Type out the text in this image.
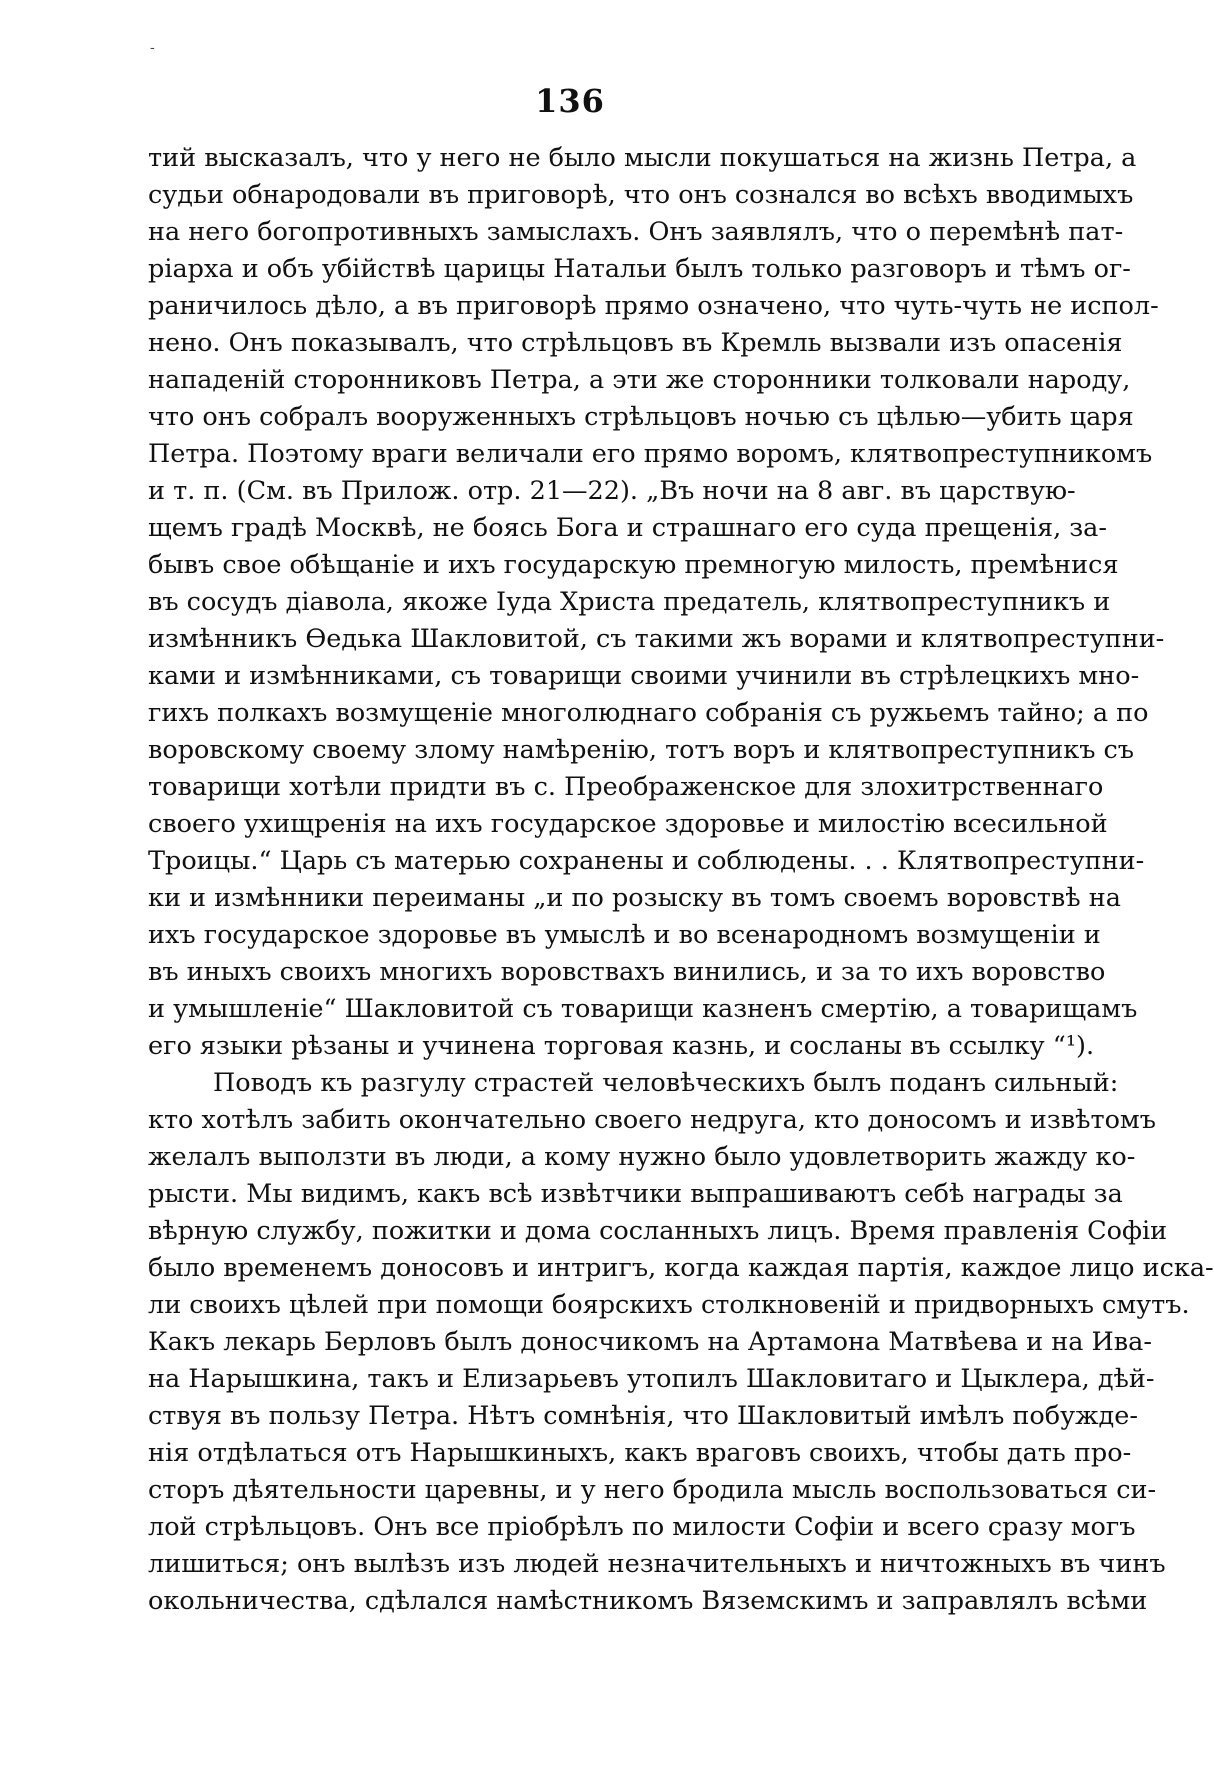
-
136
тий высказалъ, что у него не было мысли покушаться на жизнь Петра, а
судьи обнародовали въ приговорѣ, что онъ сознался во всѣхъ вводимыхъ
на него богопротивныхъ замыслахъ. Онъ заявлялъ, что о перемѣнѣ пат-
ріарха и объ убійствѣ царицы Натальи былъ только разговоръ и тѣмъ ог-
раничилось дѣло, а въ приговорѣ прямо означено, что чуть-чуть не испол-
нено. Онъ показывалъ, что стрѣльцовъ въ Кремль вызвали изъ опасенія
нападеній сторонниковъ Петра, а эти же сторонники толковали народу,
что онъ собралъ вооруженныхъ стрѣльцовъ ночью съ цѣлью—убить царя
Петра. Поэтому враги величали его прямо воромъ, клятвопреступникомъ
и т. п. (См. въ Прилож. отр. 21—22). „Въ ночи на 8 авг. въ царствую-
щемъ градѣ Москвѣ, не боясь Бога и страшнаго его суда прещенія, за-
бывъ свое обѣщаніе и ихъ государскую премногую милость, премѣнися
въ сосудъ діавола, якоже Іуда Христа предатель, клятвопреступникъ и
измѣнникъ Ѳедька Шакловитой, съ такими жъ ворами и клятвопреступни-
ками и измѣнниками, съ товарищи своими учинили въ стрѣлецкихъ мно-
гихъ полкахъ возмущеніе многолюднаго собранія съ ружьемъ тайно; а по
воровскому своему злому намѣренію, тотъ воръ и клятвопреступникъ съ
товарищи хотѣли придти въ с. Преображенское для злохитрственнаго
своего ухищренія на ихъ государское здоровье и милостію всесильной
Троицы.“ Царь съ матерью сохранены и соблюдены. . . Клятвопреступни-
ки и измѣнники переиманы „и по розыску въ томъ своемъ воровствѣ на
ихъ государское здоровье въ умыслѣ и во всенародномъ возмущеніи и
въ иныхъ своихъ многихъ воровствахъ винились, и за то ихъ воровство
и умышленіе“ Шакловитой съ товарищи казненъ смертію, а товарищамъ
его языки рѣзаны и учинена торговая казнь, и сосланы въ ссылку “¹).
Поводъ къ разгулу страстей человѣческихъ былъ поданъ сильный:
кто хотѣлъ забить окончательно своего недруга, кто доносомъ и извѣтомъ
желалъ выползти въ люди, а кому нужно было удовлетворить жажду ко-
рысти. Мы видимъ, какъ всѣ извѣтчики выпрашиваютъ себѣ награды за
вѣрную службу, пожитки и дома сосланныхъ лицъ. Время правленія Софіи
было временемъ доносовъ и интригъ, когда каждая партія, каждое лицо иска-
ли своихъ цѣлей при помощи боярскихъ столкновеній и придворныхъ смутъ.
Какъ лекарь Берловъ былъ доносчикомъ на Артамона Матвѣева и на Ива-
на Нарышкина, такъ и Елизарьевъ утопилъ Шакловитаго и Цыклера, дѣй-
ствуя въ пользу Петра. Нѣтъ сомнѣнія, что Шакловитый имѣлъ побужде-
нія отдѣлаться отъ Нарышкиныхъ, какъ враговъ своихъ, чтобы дать про-
сторъ дѣятельности царевны, и у него бродила мысль воспользоваться си-
лой стрѣльцовъ. Онъ все пріобрѣлъ по милости Софіи и всего сразу могъ
лишиться; онъ вылѣзъ изъ людей незначительныхъ и ничтожныхъ въ чинъ
окольничества, сдѣлался намѣстникомъ Вяземскимъ и заправлялъ всѣми
